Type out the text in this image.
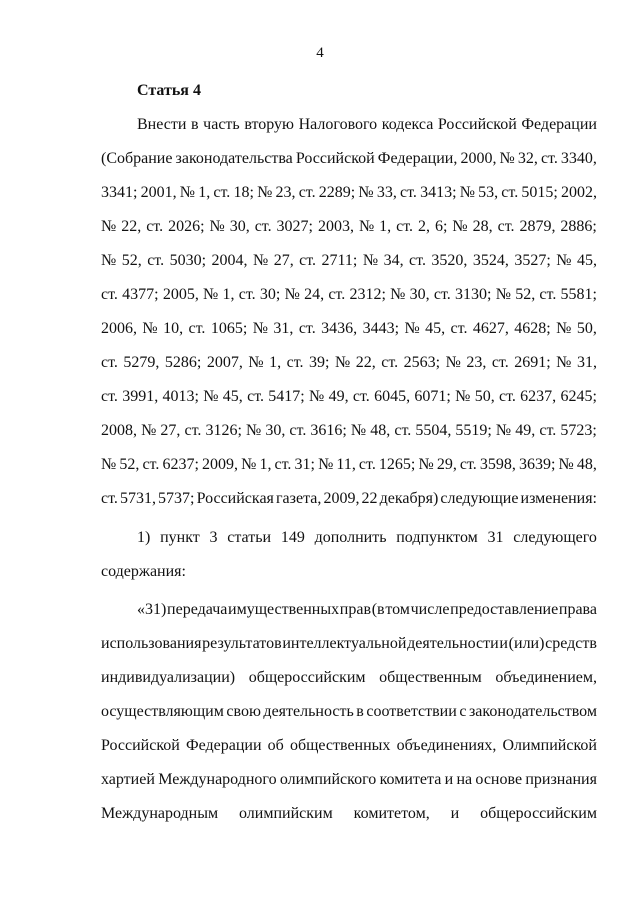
4
Статья 4
Внести в часть вторую Налогового кодекса Российской Федерации
(Собрание законодательства Российской Федерации, 2000, № 32, ст. 3340,
3341; 2001, № 1, ст. 18; № 23, ст. 2289; № 33, ст. 3413; № 53, ст. 5015; 2002,
№ 22, ст. 2026; № 30, ст. 3027; 2003, № 1, ст. 2, 6; № 28, ст. 2879, 2886;
№ 52, ст. 5030; 2004, № 27, ст. 2711; № 34, ст. 3520, 3524, 3527; № 45,
ст. 4377; 2005, № 1, ст. 30; № 24, ст. 2312; № 30, ст. 3130; № 52, ст. 5581;
2006, № 10, ст. 1065; № 31, ст. 3436, 3443; № 45, ст. 4627, 4628; № 50,
ст. 5279, 5286; 2007, № 1, ст. 39; № 22, ст. 2563; № 23, ст. 2691; № 31,
ст. 3991, 4013; № 45, ст. 5417; № 49, ст. 6045, 6071; № 50, ст. 6237, 6245;
2008, № 27, ст. 3126; № 30, ст. 3616; № 48, ст. 5504, 5519; № 49, ст. 5723;
№ 52, ст. 6237; 2009, № 1, ст. 31; № 11, ст. 1265; № 29, ст. 3598, 3639; № 48,
ст. 5731, 5737; Российская газета, 2009, 22 декабря) следующие изменения:
1) пункт 3 статьи 149 дополнить подпунктом 31 следующего
содержания:
«31) передача имущественных прав (в том числе предоставление права
использования результатов интеллектуальной деятельности и (или) средств
индивидуализации) общероссийским общественным объединением,
осуществляющим свою деятельность в соответствии с законодательством
Российской Федерации об общественных объединениях, Олимпийской
хартией Международного олимпийского комитета и на основе признания
Международным олимпийским комитетом, и общероссийским
